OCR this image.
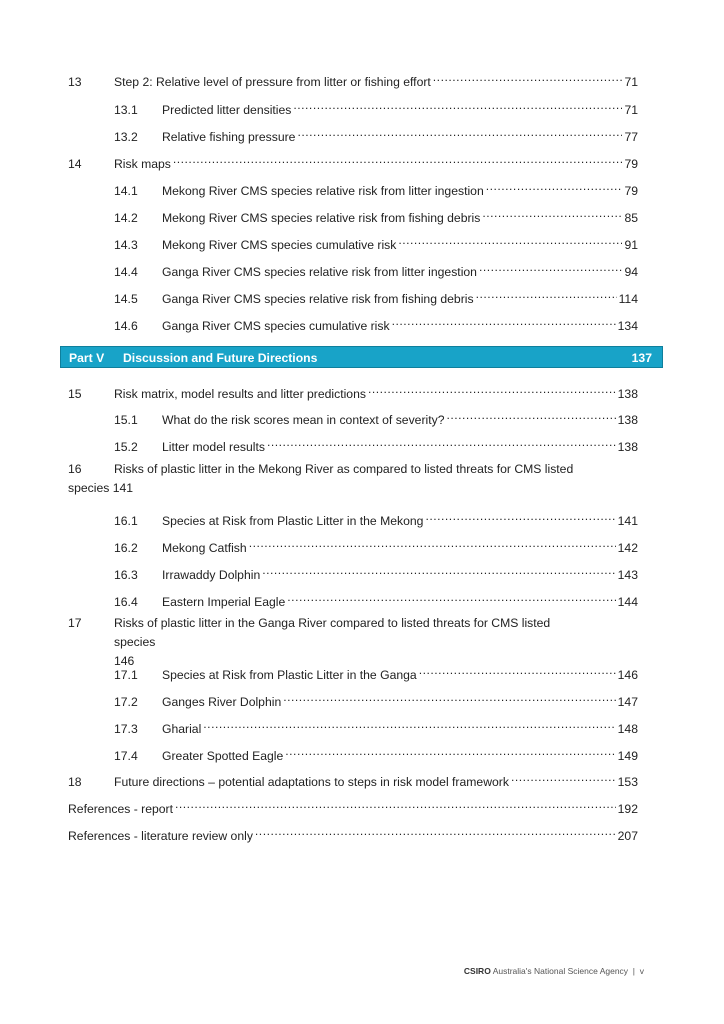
13	Step 2: Relative level of pressure from litter or fishing effort .....	71
13.1	Predicted litter densities .....	71
13.2	Relative fishing pressure .....	77
14	Risk maps .....	79
14.1	Mekong River CMS species relative risk from litter ingestion .....	79
14.2	Mekong River CMS species relative risk from fishing debris .....	85
14.3	Mekong River CMS species cumulative risk .....	91
14.4	Ganga River CMS species relative risk from litter ingestion .....	94
14.5	Ganga River CMS species relative risk from fishing debris .....	114
14.6	Ganga River CMS species cumulative risk .....	134
Part V	Discussion and Future Directions	137
15	Risk matrix, model results and litter predictions .....	138
15.1	What do the risk scores mean in context of severity? .....	138
15.2	Litter model results .....	138
16	Risks of plastic litter in the Mekong River as compared to listed threats for CMS listed
species 141
16.1	Species at Risk from Plastic Litter in the Mekong .....	141
16.2	Mekong Catfish .....	142
16.3	Irrawaddy Dolphin .....	143
16.4	Eastern Imperial Eagle .....	144
17	Risks of plastic litter in the Ganga River compared to listed threats for CMS listed species
146
17.1	Species at Risk from Plastic Litter in the Ganga .....	146
17.2	Ganges River Dolphin .....	147
17.3	Gharial .....	148
17.4	Greater Spotted Eagle .....	149
18	Future directions – potential adaptations to steps in risk model framework .....	153
References - report .....	192
References - literature review only .....	207
CSIRO Australia's National Science Agency | v
